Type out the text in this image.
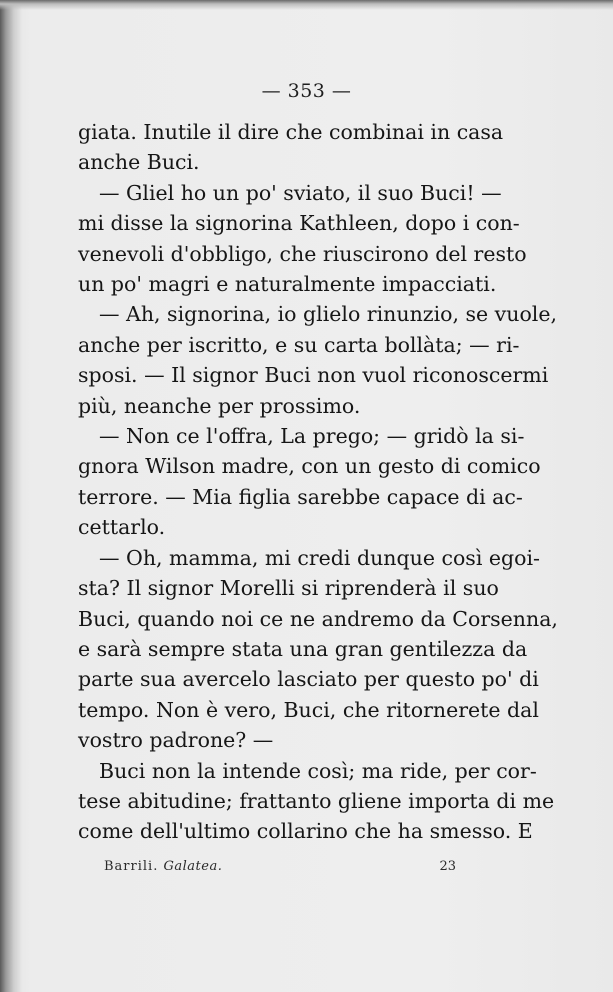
— 353 —
giata. Inutile il dire che combinai in casa
anche Buci.
— Gliel ho un po' sviato, il suo Buci! —
mi disse la signorina Kathleen, dopo i con-
venevoli d'obbligo, che riuscirono del resto
un po' magri e naturalmente impacciati.
— Ah, signorina, io glielo rinunzio, se vuole,
anche per iscritto, e su carta bollàta; — ri-
sposi. — Il signor Buci non vuol riconoscermi
più, neanche per prossimo.
— Non ce l'offra, La prego; — gridò la si-
gnora Wilson madre, con un gesto di comico
terrore. — Mia figlia sarebbe capace di ac-
cettarlo.
— Oh, mamma, mi credi dunque così egoi-
sta? Il signor Morelli si riprenderà il suo
Buci, quando noi ce ne andremo da Corsenna,
e sarà sempre stata una gran gentilezza da
parte sua avercelo lasciato per questo po' di
tempo. Non è vero, Buci, che ritornerete dal
vostro padrone? —
Buci non la intende così; ma ride, per cor-
tese abitudine; frattanto gliene importa di me
come dell'ultimo collarino che ha smesso. E
Barrili. Galatea.	23
